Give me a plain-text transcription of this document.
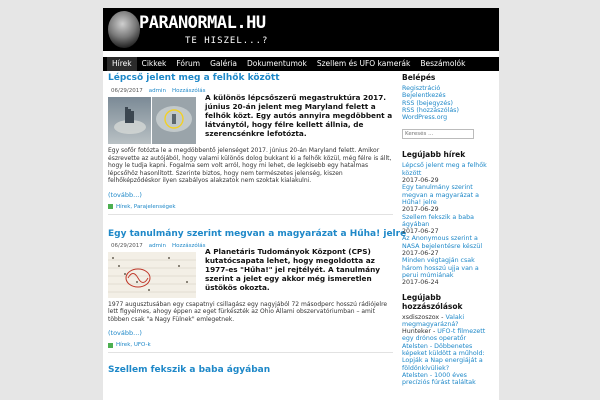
PARANORMAL.HU
TE HISZEL...?
Hírek	Cikkek	Fórum	Galéria	Dokumentumok	Szellem és UFO kamerák	Beszámolók
Lépcső jelent meg a felhők között
06/29/2017 admin Hozzászólás
A különös lépcsőszerű megastruktúra 2017. június 20-án jelent meg Maryland felett a felhők közt. Egy autós annyira megdöbbent a látványtól, hogy félre kellett állnia, de szerencsénkre lefotózta.
Egy sofőr fotózta le a megdöbbentő jelenséget 2017. június 20-án Maryland felett. Amikor észrevette az autójából, hogy valami különös dolog bukkant ki a felhők közül, még félre is állt, hogy le tudja kapni. Fogalma sem volt arról, hogy mi lehet, de legkisebb egy hatalmas lépcsőhöz hasonlított. Szerinte biztos, hogy nem természetes jelenség, kiszen felhőképződéskor ilyen szabályos alakzatok nem szoktak kialakulni.
(tovább...)
Hírek, Parajelenségek
Egy tanulmány szerint megvan a magyarázat a Hűha! jelre
06/29/2017 admin Hozzászólás
A Planetáris Tudományok Központ (CPS) kutatócsapata lehet, hogy megoldotta az 1977-es "Hűha!" jel rejtélyét. A tanulmány szerint a jelet egy akkor még ismeretlen üstökös okozta.
1977 augusztusában egy csapatnyi csillagász egy nagyjából 72 másodperc hosszú rádiójelre lett figyelmes, ahogy éppen az eget fürkészték az Ohio Állami obszervatóriumban – amit többen csak "a Nagy Fülnek" emlegetnek.
(tovább...)
Hírek, UFO-k
Szellem fekszik a baba ágyában
Belépés
Regisztráció
Bejelentkezés
RSS (bejegyzés)
RSS (hozzászólás)
WordPress.org
Keresés ...
Legújabb hírek
Lépcső jelent meg a felhők között
2017-06-29
Egy tanulmány szerint megvan a magyarázat a Hűha! jelre
2017-06-29
Szellem fekszik a baba ágyában
2017-06-27
Az Anonymous szerint a NASA bejelentésre készül
2017-06-27
Minden végtagján csak három hosszú ujja van a perui múmiának
2017-06-24
Legújabb hozzászólások
xsdiszoszox - Valaki megmagyarázná?
Hunteker - UFO-t filmezett egy drónos operatőr
Atelsten - Döbbenetes képeket küldött a műhold: Lopják a Nap energiáját a földönkívüliek?
Atelsten - 1000 éves precíziós fúrást találtak
